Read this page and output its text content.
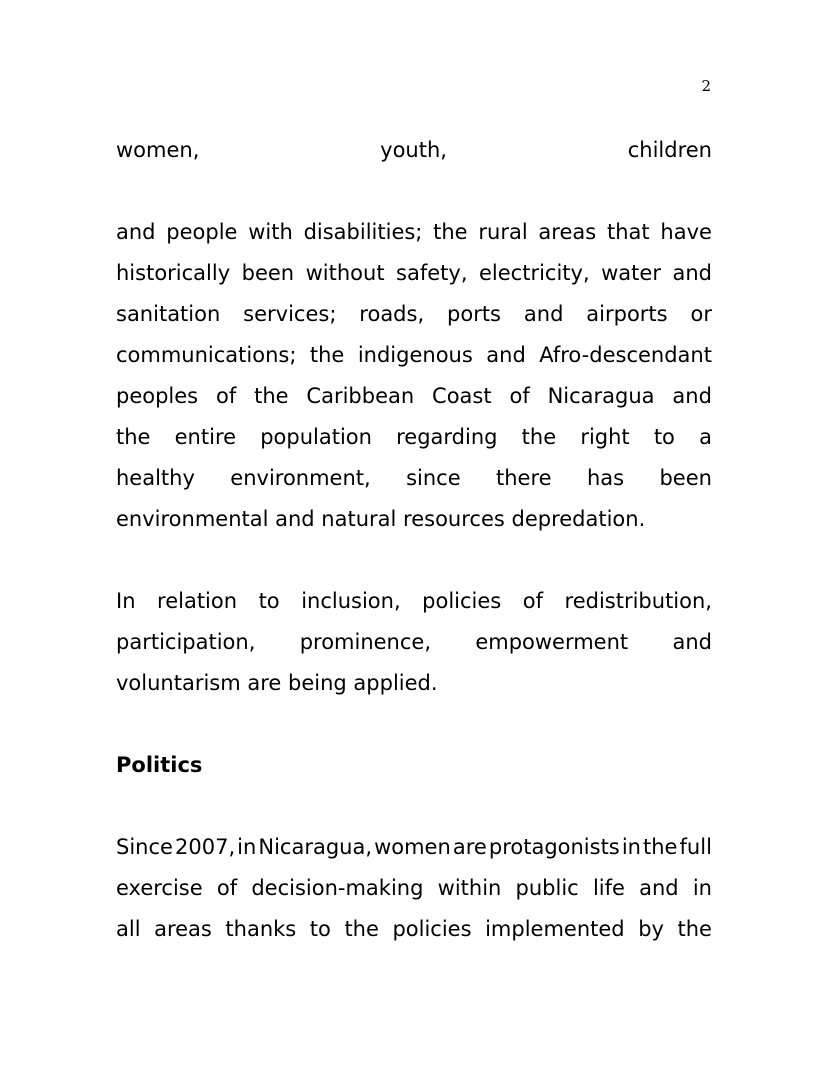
2
women,	youth,	children
and people with disabilities; the rural areas that have
historically been without safety, electricity, water and
sanitation services; roads, ports and airports or
communications; the indigenous and Afro-descendant
peoples of the Caribbean Coast of Nicaragua and
the entire population regarding the right to a
healthy environment, since there has been
environmental and natural resources depredation.
In relation to inclusion, policies of redistribution,
participation, prominence, empowerment and
voluntarism are being applied.
Politics
Since 2007, in Nicaragua, women are protagonists in the full
exercise of decision-making within public life and in
all areas thanks to the policies implemented by the
